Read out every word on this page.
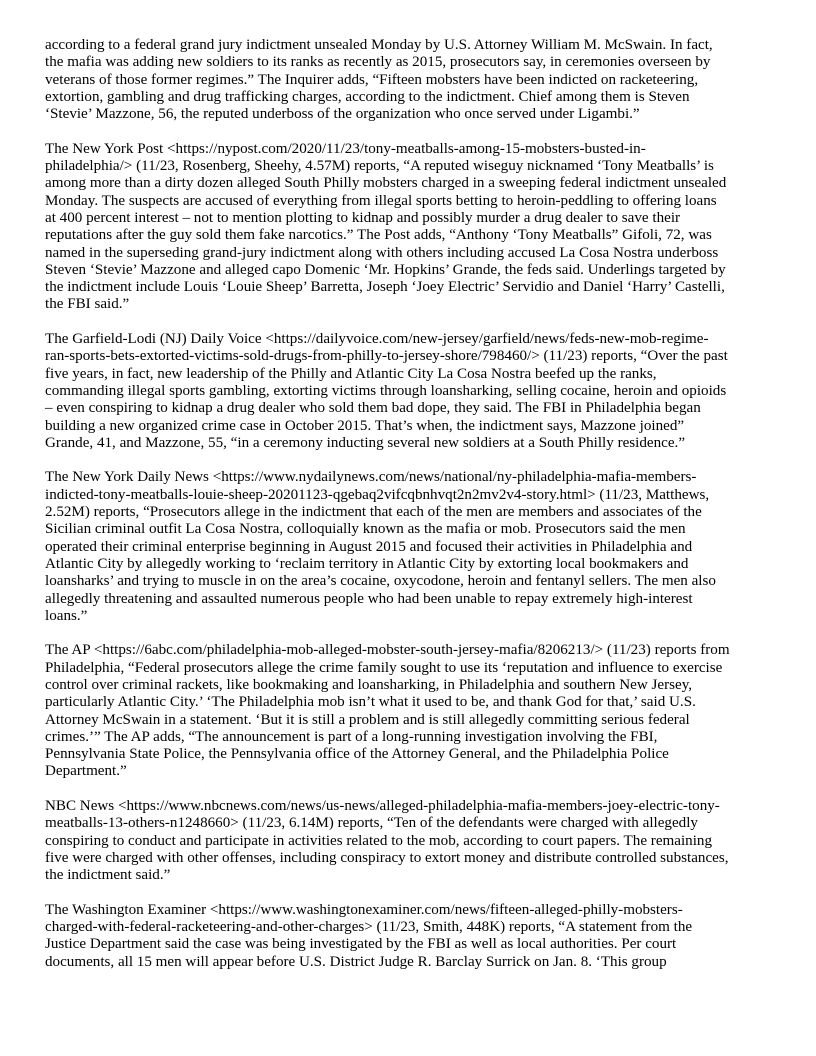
according to a federal grand jury indictment unsealed Monday by U.S. Attorney William M. McSwain. In fact,
the mafia was adding new soldiers to its ranks as recently as 2015, prosecutors say, in ceremonies overseen by
veterans of those former regimes.” The Inquirer adds, “Fifteen mobsters have been indicted on racketeering,
extortion, gambling and drug trafficking charges, according to the indictment. Chief among them is Steven
‘Stevie’ Mazzone, 56, the reputed underboss of the organization who once served under Ligambi.”

The New York Post <https://nypost.com/2020/11/23/tony-meatballs-among-15-mobsters-busted-in-
philadelphia/> (11/23, Rosenberg, Sheehy, 4.57M) reports, “A reputed wiseguy nicknamed ‘Tony Meatballs’ is
among more than a dirty dozen alleged South Philly mobsters charged in a sweeping federal indictment unsealed
Monday. The suspects are accused of everything from illegal sports betting to heroin-peddling to offering loans
at 400 percent interest – not to mention plotting to kidnap and possibly murder a drug dealer to save their
reputations after the guy sold them fake narcotics.” The Post adds, “Anthony ‘Tony Meatballs” Gifoli, 72, was
named in the superseding grand-jury indictment along with others including accused La Cosa Nostra underboss
Steven ‘Stevie’ Mazzone and alleged capo Domenic ‘Mr. Hopkins’ Grande, the feds said. Underlings targeted by
the indictment include Louis ‘Louie Sheep’ Barretta, Joseph ‘Joey Electric’ Servidio and Daniel ‘Harry’ Castelli,
the FBI said.”

The Garfield-Lodi (NJ) Daily Voice <https://dailyvoice.com/new-jersey/garfield/news/feds-new-mob-regime-
ran-sports-bets-extorted-victims-sold-drugs-from-philly-to-jersey-shore/798460/> (11/23) reports, “Over the past
five years, in fact, new leadership of the Philly and Atlantic City La Cosa Nostra beefed up the ranks,
commanding illegal sports gambling, extorting victims through loansharking, selling cocaine, heroin and opioids
– even conspiring to kidnap a drug dealer who sold them bad dope, they said. The FBI in Philadelphia began
building a new organized crime case in October 2015. That’s when, the indictment says, Mazzone joined”
Grande, 41, and Mazzone, 55, “in a ceremony inducting several new soldiers at a South Philly residence.”

The New York Daily News <https://www.nydailynews.com/news/national/ny-philadelphia-mafia-members-
indicted-tony-meatballs-louie-sheep-20201123-qgebaq2vifcqbnhvqt2n2mv2v4-story.html> (11/23, Matthews,
2.52M) reports, “Prosecutors allege in the indictment that each of the men are members and associates of the
Sicilian criminal outfit La Cosa Nostra, colloquially known as the mafia or mob. Prosecutors said the men
operated their criminal enterprise beginning in August 2015 and focused their activities in Philadelphia and
Atlantic City by allegedly working to ‘reclaim territory in Atlantic City by extorting local bookmakers and
loansharks’ and trying to muscle in on the area’s cocaine, oxycodone, heroin and fentanyl sellers. The men also
allegedly threatening and assaulted numerous people who had been unable to repay extremely high-interest
loans.”

The AP <https://6abc.com/philadelphia-mob-alleged-mobster-south-jersey-mafia/8206213/> (11/23) reports from
Philadelphia, “Federal prosecutors allege the crime family sought to use its ‘reputation and influence to exercise
control over criminal rackets, like bookmaking and loansharking, in Philadelphia and southern New Jersey,
particularly Atlantic City.’ ‘The Philadelphia mob isn’t what it used to be, and thank God for that,’ said U.S.
Attorney McSwain in a statement. ‘But it is still a problem and is still allegedly committing serious federal
crimes.’” The AP adds, “The announcement is part of a long-running investigation involving the FBI,
Pennsylvania State Police, the Pennsylvania office of the Attorney General, and the Philadelphia Police
Department.”

NBC News <https://www.nbcnews.com/news/us-news/alleged-philadelphia-mafia-members-joey-electric-tony-
meatballs-13-others-n1248660> (11/23, 6.14M) reports, “Ten of the defendants were charged with allegedly
conspiring to conduct and participate in activities related to the mob, according to court papers. The remaining
five were charged with other offenses, including conspiracy to extort money and distribute controlled substances,
the indictment said.”

The Washington Examiner <https://www.washingtonexaminer.com/news/fifteen-alleged-philly-mobsters-
charged-with-federal-racketeering-and-other-charges> (11/23, Smith, 448K) reports, “A statement from the
Justice Department said the case was being investigated by the FBI as well as local authorities. Per court
documents, all 15 men will appear before U.S. District Judge R. Barclay Surrick on Jan. 8. ‘This group
